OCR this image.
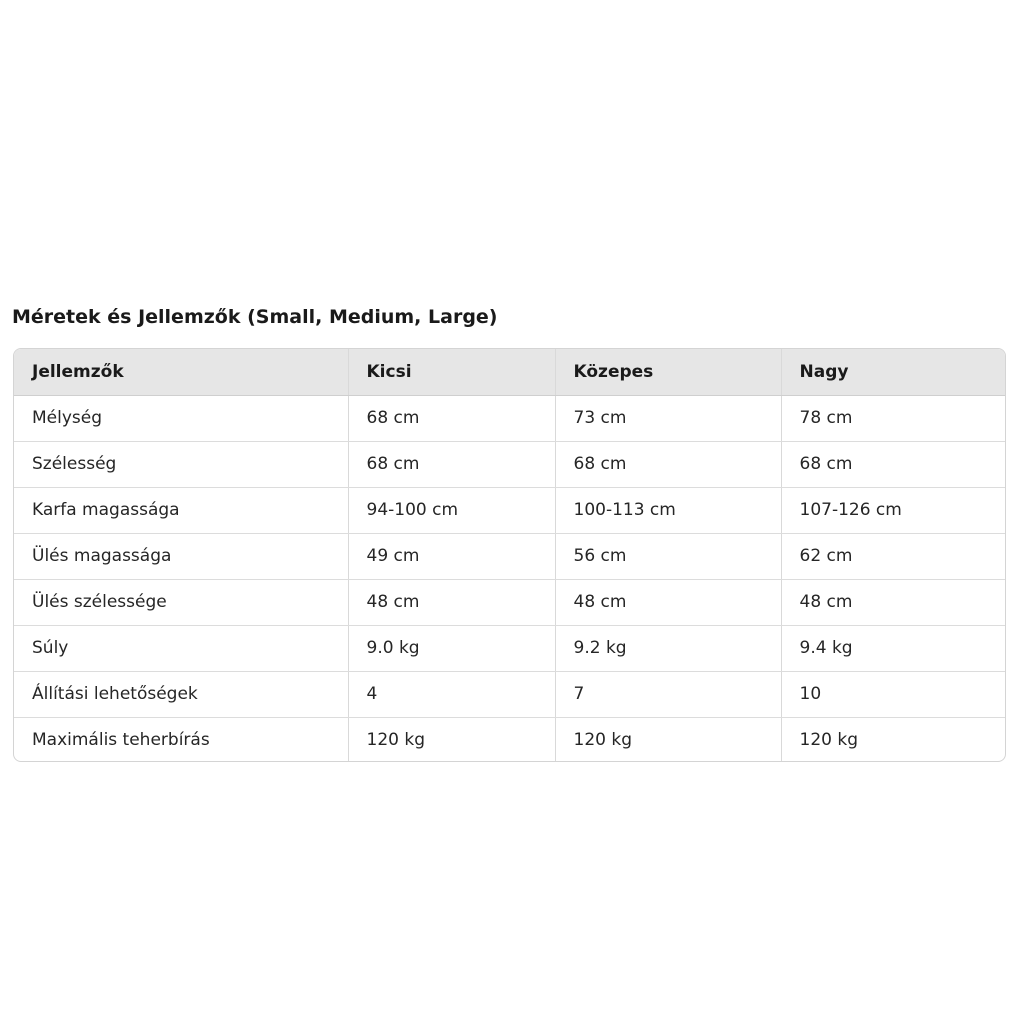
Méretek és Jellemzők (Small, Medium, Large)
Jellemzők	Kicsi	Közepes	Nagy
Mélység	68 cm	73 cm	78 cm
Szélesség	68 cm	68 cm	68 cm
Karfa magassága	94-100 cm	100-113 cm	107-126 cm
Ülés magassága	49 cm	56 cm	62 cm
Ülés szélessége	48 cm	48 cm	48 cm
Súly	9.0 kg	9.2 kg	9.4 kg
Állítási lehetőségek	4	7	10
Maximális teherbírás	120 kg	120 kg	120 kg
